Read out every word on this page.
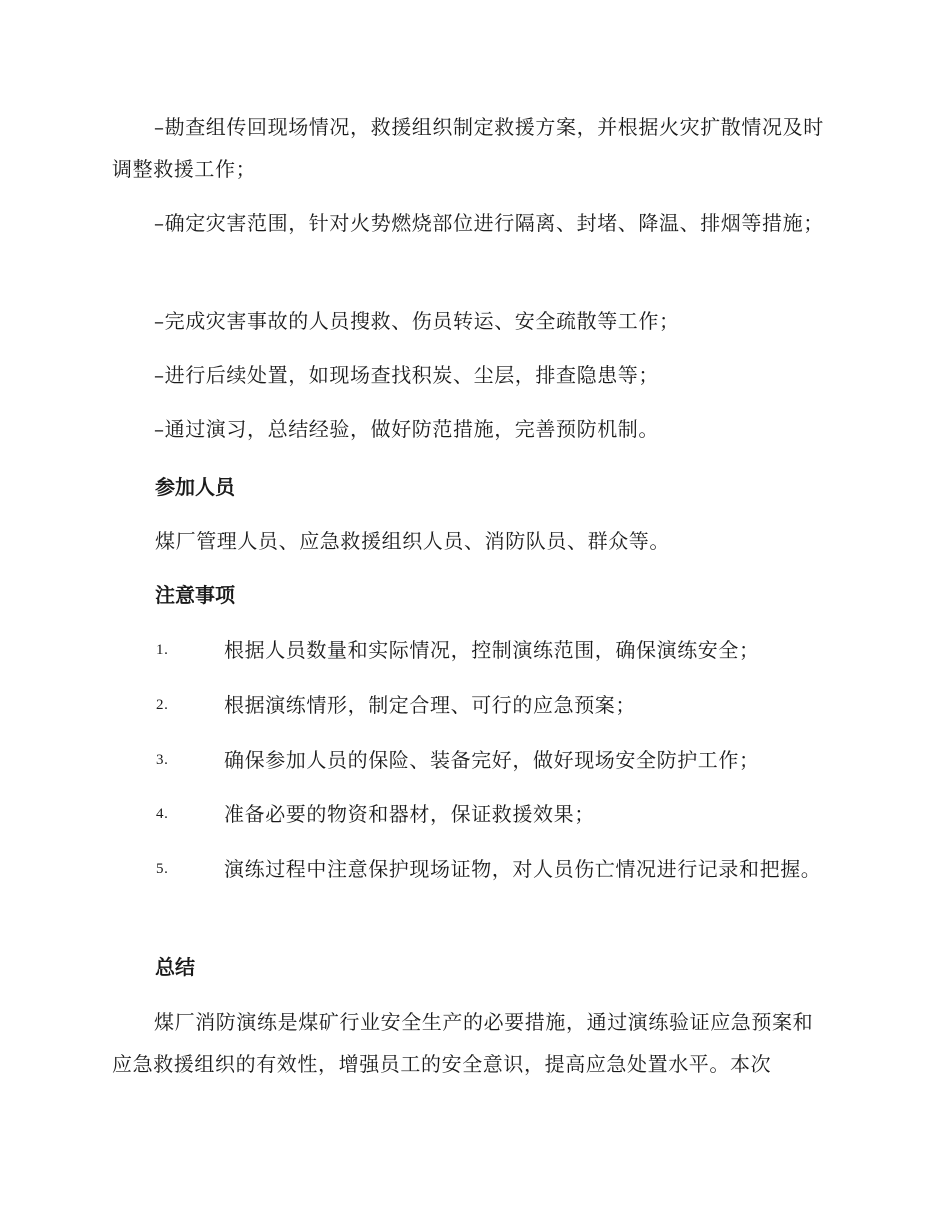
–勘查组传回现场情况，救援组织制定救援方案，并根据火灾扩散情况及时调整救援工作；

–确定灾害范围，针对火势燃烧部位进行隔离、封堵、降温、排烟等措施；

–完成灾害事故的人员搜救、伤员转运、安全疏散等工作；

–进行后续处置，如现场查找积炭、尘层，排查隐患等；

–通过演习，总结经验，做好防范措施，完善预防机制。

参加人员

煤厂管理人员、应急救援组织人员、消防队员、群众等。

注意事项
1.	根据人员数量和实际情况，控制演练范围，确保演练安全；
2.	根据演练情形，制定合理、可行的应急预案；
3.	确保参加人员的保险、装备完好，做好现场安全防护工作；
4.	准备必要的物资和器材，保证救援效果；
5.	演练过程中注意保护现场证物，对人员伤亡情况进行记录和把握。
总结

煤厂消防演练是煤矿行业安全生产的必要措施，通过演练验证应急预案和应急救援组织的有效性，增强员工的安全意识，提高应急处置水平。本次
